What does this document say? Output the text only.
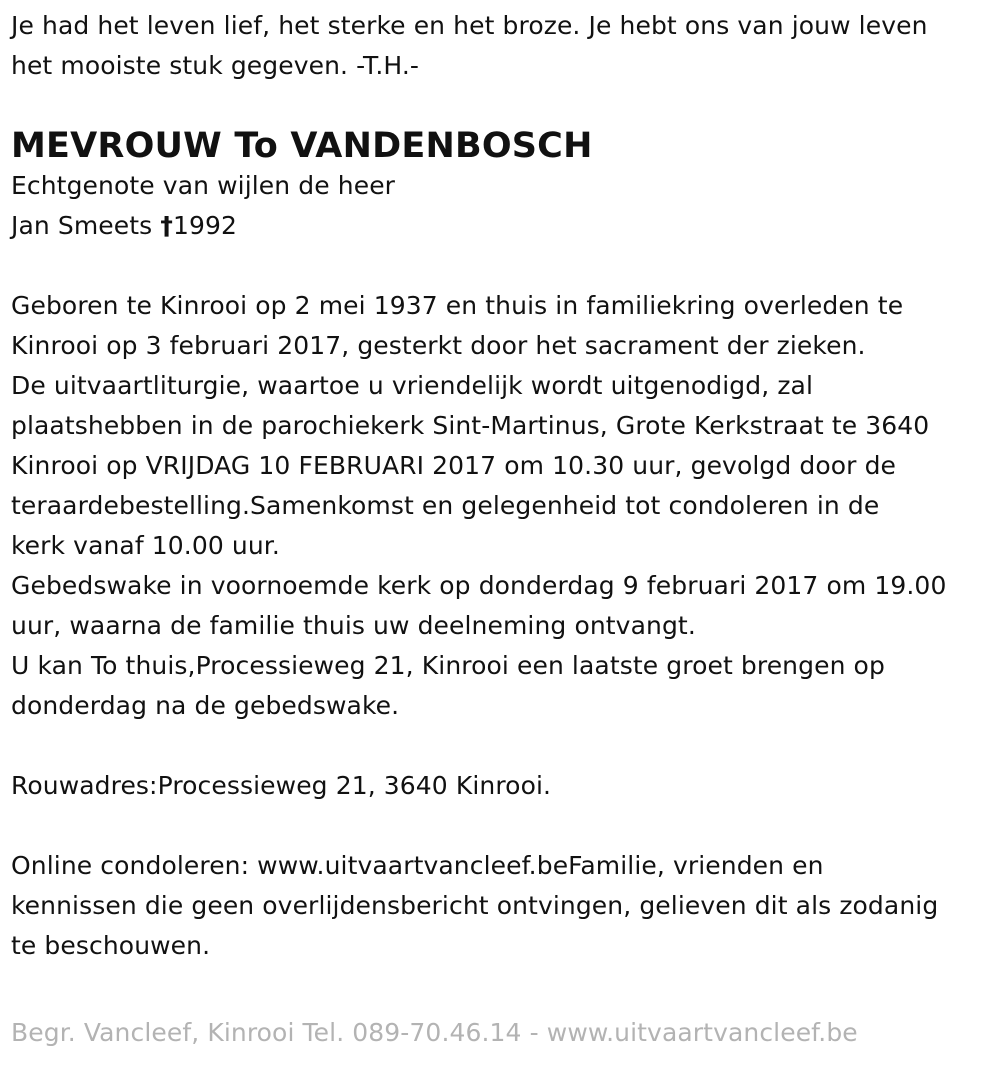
Je had het leven lief, het sterke en het broze. Je hebt ons van jouw leven
het mooiste stuk gegeven. -T.H.-
MEVROUW To VANDENBOSCH
Echtgenote van wijlen de heer
Jan Smeets †1992
Geboren te Kinrooi op 2 mei 1937 en thuis in familiekring overleden te
Kinrooi op 3 februari 2017, gesterkt door het sacrament der zieken.
De uitvaartliturgie, waartoe u vriendelijk wordt uitgenodigd, zal
plaatshebben in de parochiekerk Sint-Martinus, Grote Kerkstraat te 3640
Kinrooi op VRIJDAG 10 FEBRUARI 2017 om 10.30 uur, gevolgd door de
teraardebestelling.Samenkomst en gelegenheid tot condoleren in de
kerk vanaf 10.00 uur.
Gebedswake in voornoemde kerk op donderdag 9 februari 2017 om 19.00
uur, waarna de familie thuis uw deelneming ontvangt.
U kan To thuis,Processieweg 21, Kinrooi een laatste groet brengen op
donderdag na de gebedswake.
Rouwadres:Processieweg 21, 3640 Kinrooi.
Online condoleren: www.uitvaartvancleef.beFamilie, vrienden en
kennissen die geen overlijdensbericht ontvingen, gelieven dit als zodanig
te beschouwen.
Begr. Vancleef, Kinrooi Tel. 089-70.46.14 - www.uitvaartvancleef.be
